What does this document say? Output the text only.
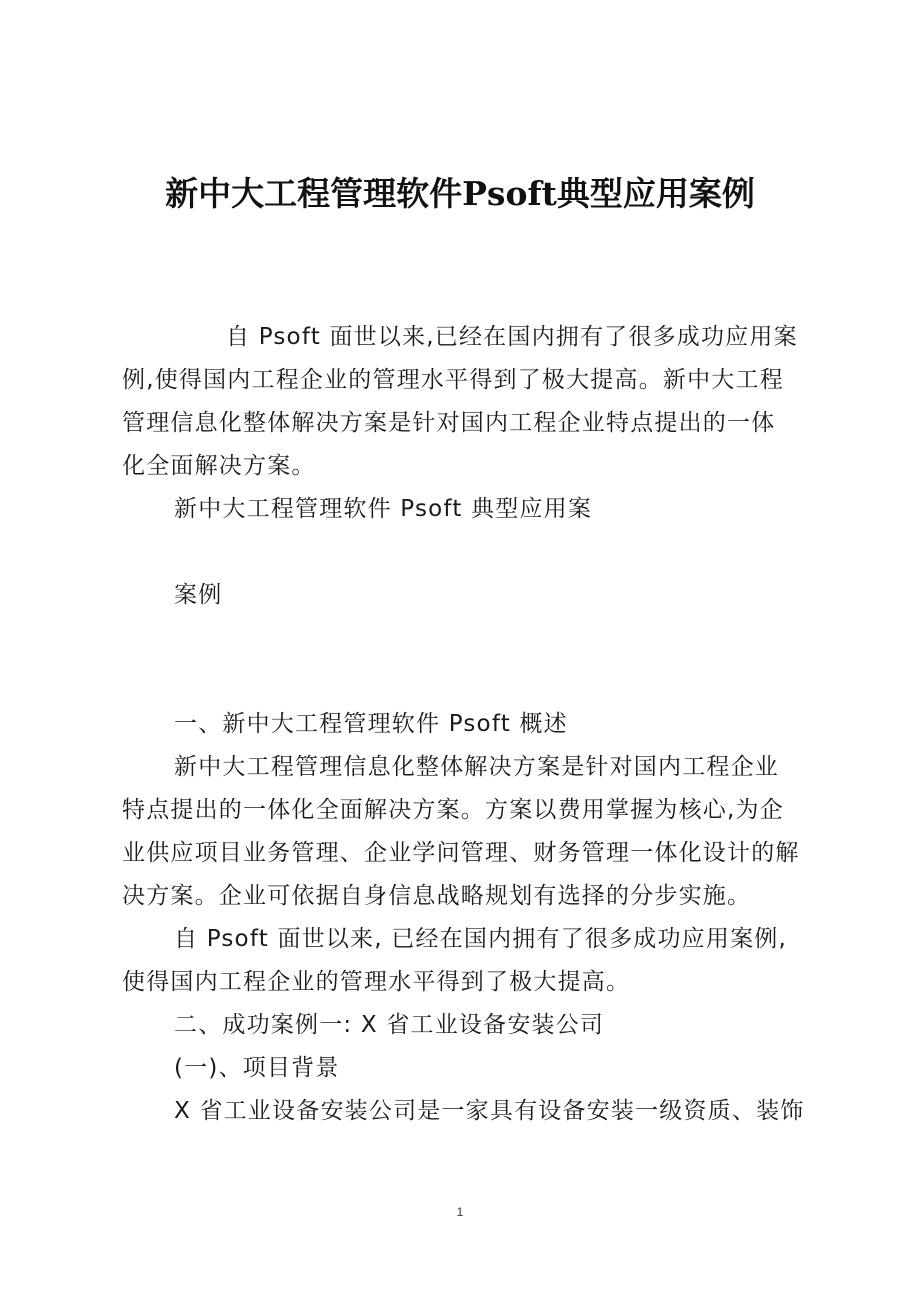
新中大工程管理软件Psoft典型应用案例
自 Psoft 面世以来,已经在国内拥有了很多成功应用案
例,使得国内工程企业的管理水平得到了极大提高。新中大工程
管理信息化整体解决方案是针对国内工程企业特点提出的一体
化全面解决方案。
新中大工程管理软件 Psoft 典型应用案
案例
一、新中大工程管理软件 Psoft 概述
新中大工程管理信息化整体解决方案是针对国内工程企业
特点提出的一体化全面解决方案。方案以费用掌握为核心,为企
业供应项目业务管理、企业学问管理、财务管理一体化设计的解
决方案。企业可依据自身信息战略规划有选择的分步实施。
自 Psoft 面世以来, 已经在国内拥有了很多成功应用案例,
使得国内工程企业的管理水平得到了极大提高。
二、成功案例一: X 省工业设备安装公司
(一)、项目背景
X 省工业设备安装公司是一家具有设备安装一级资质、装饰
1
